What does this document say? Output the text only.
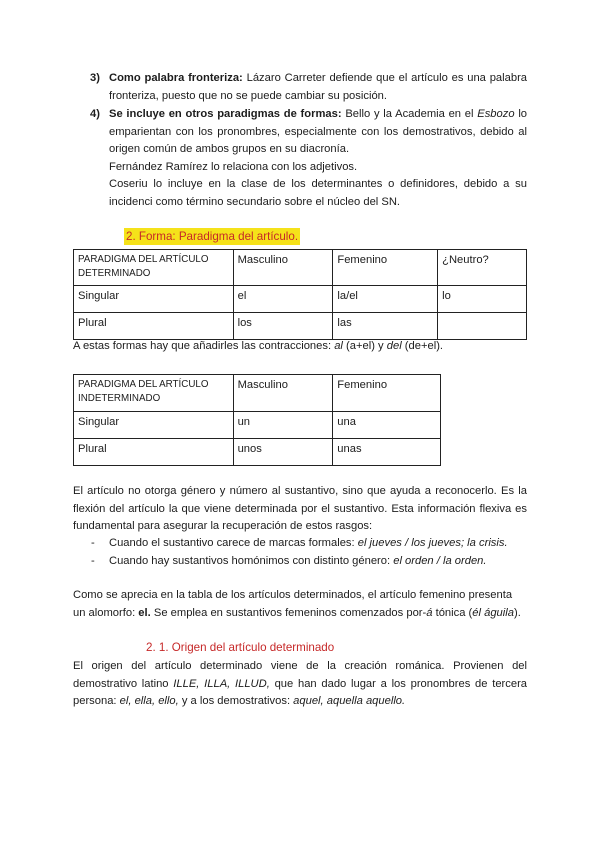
3) Como palabra fronteriza: Lázaro Carreter defiende que el artículo es una palabra fronteriza, puesto que no se puede cambiar su posición.

4) Se incluye en otros paradigmas de formas: Bello y la Academia en el Esbozo lo emparientan con los pronombres, especialmente con los demostrativos, debido al origen común de ambos grupos en su diacronía.

Fernández Ramírez lo relaciona con los adjetivos.

Coseriu lo incluye en la clase de los determinantes o definidores, debido a su incidenci como término secundario sobre el núcleo del SN.

2. Forma: Paradigma del artículo.
PARADIGMA DEL ARTÍCULO
DETERMINADO	Masculino	Femenino	¿Neutro?
Singular	el	la/el	lo
Plural	los	las	

A estas formas hay que añadirles las contracciones: al (a+el) y del (de+el).

PARADIGMA DEL ARTÍCULO
INDETERMINADO	Masculino	Femenino
Singular	un	una
Plural	unos	unas

El artículo no otorga género y número al sustantivo, sino que ayuda a reconocerlo. Es la flexión del artículo la que viene determinada por el sustantivo. Esta información flexiva es fundamental para asegurar la recuperación de estos rasgos:

- Cuando el sustantivo carece de marcas formales: el jueves / los jueves; la crisis.
- Cuando hay sustantivos homónimos con distinto género: el orden / la orden.

Como se aprecia en la tabla de los artículos determinados, el artículo femenino presenta

un alomorfo: el. Se emplea en sustantivos femeninos comenzados por-á tónica (él águila).

2. 1. Origen del artículo determinado

El origen del artículo determinado viene de la creación románica. Provienen del demostrativo latino ILLE, ILLA, ILLUD, que han dado lugar a los pronombres de tercera persona: el, ella, ello, y a los demostrativos: aquel, aquella aquello.
